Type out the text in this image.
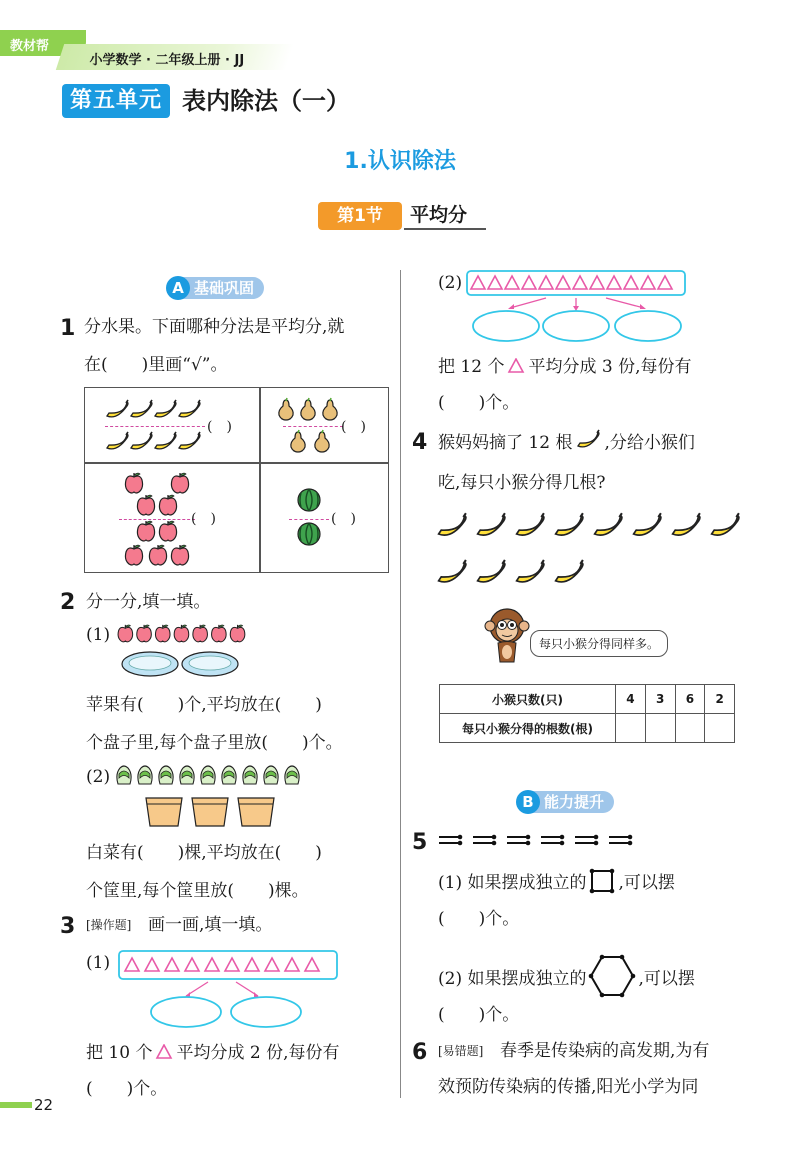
教材帮
小学数学 · 二年级上册 · JJ
第五单元 表内除法（一）
1.认识除法
第1节	平均分
A 基础巩固
1 分水果。下面哪种分法是平均分,就
在(　　)里画“√”。
(　)	(　)
(　)	(　)
2 分一分,填一填。
(1)
苹果有(　　)个,平均放在(　　)
个盘子里,每个盘子里放(　　)个。
(2)
白菜有(　　)棵,平均放在(　　)
个筐里,每个筐里放(　　)棵。
3 [操作题] 画一画,填一填。
(1)
把 10 个 平均分成 2 份,每份有
(　　)个。
(2)
把 12 个 平均分成 3 份,每份有
(　　)个。
4 猴妈妈摘了 12 根 ,分给小猴们
吃,每只小猴分得几根?
每只小猴分得同样多。
小猴只数(只)	4	3	6	2
每只小猴分得的根数(根)				
B 能力提升
5
(1) 如果摆成独立的 ,可以摆
(　　)个。
(2) 如果摆成独立的	,可以摆
(　　)个。
6 [易错题] 春季是传染病的高发期,为有
效预防传染病的传播,阳光小学为同
22
